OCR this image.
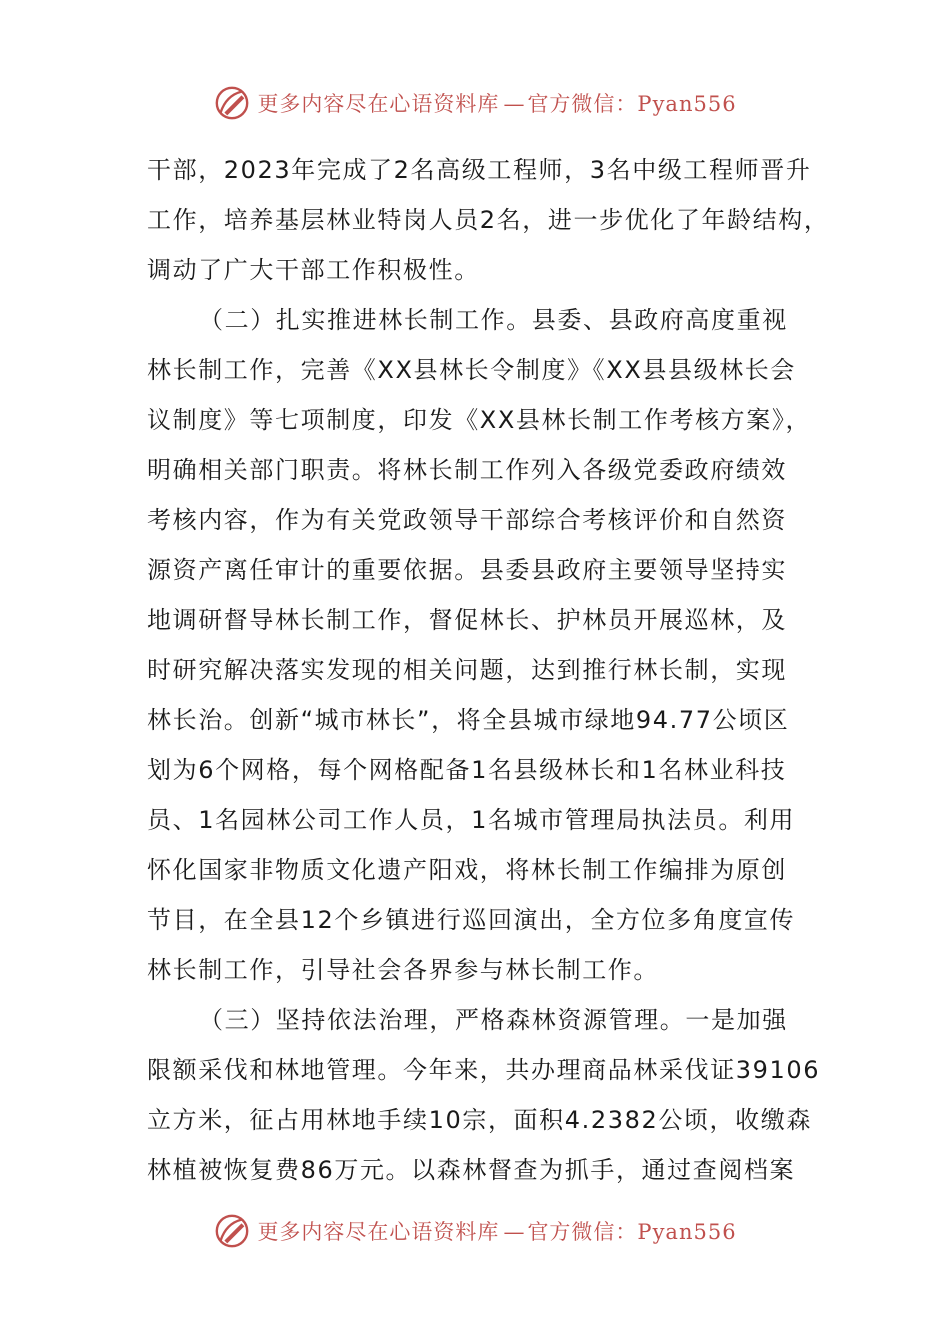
更多内容尽在心语资料库 —官方微信：Pyan556
干部，2023年完成了2名高级工程师，3名中级工程师晋升
工作，培养基层林业特岗人员2名，进一步优化了年龄结构，
调动了广大干部工作积极性。
（二）扎实推进林长制工作。县委、县政府高度重视
林长制工作，完善《XX县林长令制度》《XX县县级林长会
议制度》等七项制度，印发《XX县林长制工作考核方案》，
明确相关部门职责。将林长制工作列入各级党委政府绩效
考核内容，作为有关党政领导干部综合考核评价和自然资
源资产离任审计的重要依据。县委县政府主要领导坚持实
地调研督导林长制工作，督促林长、护林员开展巡林，及
时研究解决落实发现的相关问题，达到推行林长制，实现
林长治。创新“城市林长”，将全县城市绿地94.77公顷区
划为6个网格，每个网格配备1名县级林长和1名林业科技
员、1名园林公司工作人员，1名城市管理局执法员。利用
怀化国家非物质文化遗产阳戏，将林长制工作编排为原创
节目，在全县12个乡镇进行巡回演出，全方位多角度宣传
林长制工作，引导社会各界参与林长制工作。
（三）坚持依法治理，严格森林资源管理。一是加强
限额采伐和林地管理。今年来，共办理商品林采伐证39106
立方米，征占用林地手续10宗，面积4.2382公顷，收缴森
林植被恢复费86万元。以森林督查为抓手，通过查阅档案
更多内容尽在心语资料库 —官方微信：Pyan556
